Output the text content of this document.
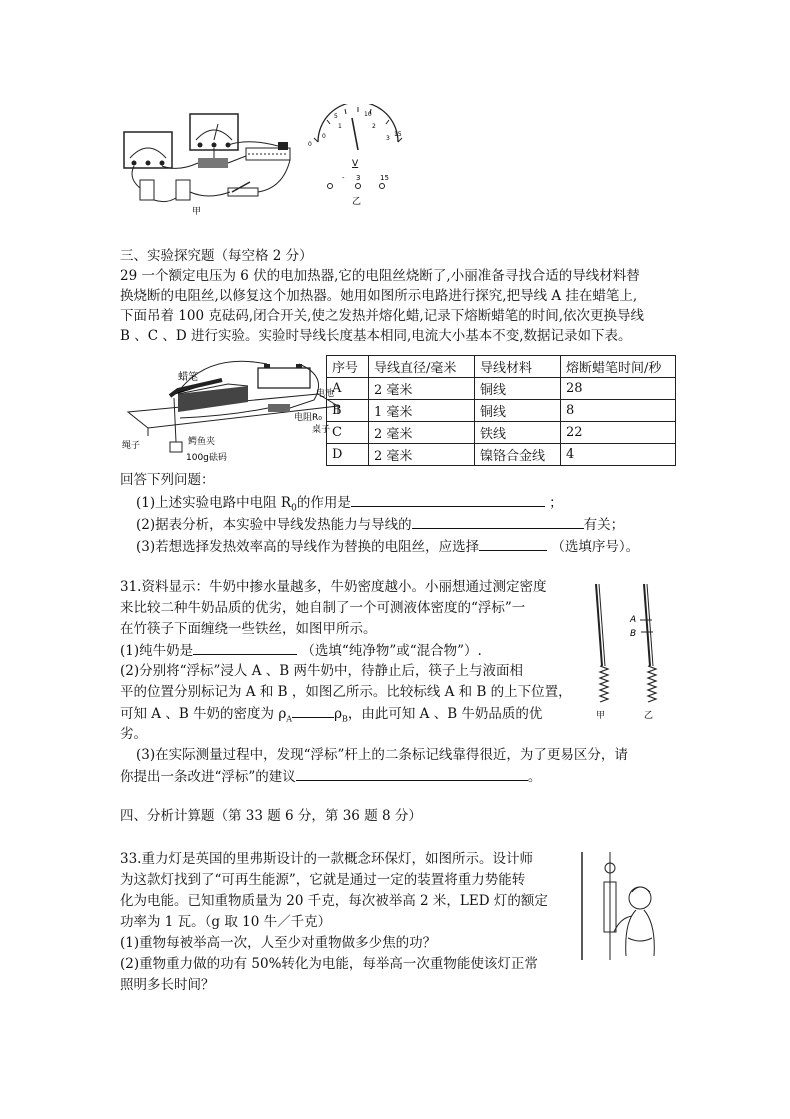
甲
0
5	10
15
0
1	2
3
V
- 3	15
乙
三、实验探究题（每空格 2 分）
29 一个额定电压为 6 伏的电加热器,它的电阻丝烧断了,小丽准备寻找合适的导线材料替
换烧断的电阻丝,以修复这个加热器。她用如图所示电路进行探究,把导线 A 挂在蜡笔上,
下面吊着 100 克砝码,闭合开关,使之发热并熔化蜡,记录下熔断蜡笔的时间,依次更换导线
B 、C 、D 进行实验。实验时导线长度基本相同,电流大小基本不变,数据记录如下表。
蜡笔
电池
电阻R₀
绳子	鳄鱼夹
100g砝码
桌子
序号	导线直径/毫米	导线材料	熔断蜡笔时间/秒
A	2 毫米	铜线	28
B	1 毫米	铜线	8
C	2 毫米	铁线	22
D	2 毫米	镍铬合金线	4
回答下列问题：
(1)上述实验电路中电阻 $R_0$的作用是	；
(2)据表分析，本实验中导线发热能力与导线的	有关；
(3)若想选择发热效率高的导线作为替换的电阻丝，应选择	（选填序号）。
31.资料显示：牛奶中掺水量越多，牛奶密度越小。小丽想通过测定密度
来比较二种牛奶品质的优劣，她自制了一个可测液体密度的“浮标”一
在竹筷子下面缠绕一些铁丝，如图甲所示。
(1)纯牛奶是	（选填“纯净物”或“混合物”）.
(2)分别将“浮标”浸人 A 、B 两牛奶中，待静止后，筷子上与液面相
平的位置分别标记为 A 和 B ，如图乙所示。比较标线 A 和 B 的上下位置，
可知 A 、B 牛奶的密度为 $\rho_A$	$\rho_B$，由此可知 A 、B 牛奶品质的优
劣。
(3)在实际测量过程中，发现“浮标”杆上的二条标记线靠得很近，为了更易区分，请
你提出一条改进“浮标”的建议	。
A
B
甲	乙
四、分析计算题（第 33 题 6 分，第 36 题 8 分）
33.重力灯是英国的里弗斯设计的一款概念环保灯，如图所示。设计师
为这款灯找到了“可再生能源”，它就是通过一定的装置将重力势能转
化为电能。已知重物质量为 20 千克，每次被举高 2 米，LED 灯的额定
功率为 1 瓦。（g 取 10 牛／千克）
(1)重物每被举高一次，人至少对重物做多少焦的功？
(2)重物重力做的功有 50%转化为电能，每举高一次重物能使该灯正常
照明多长时间？
